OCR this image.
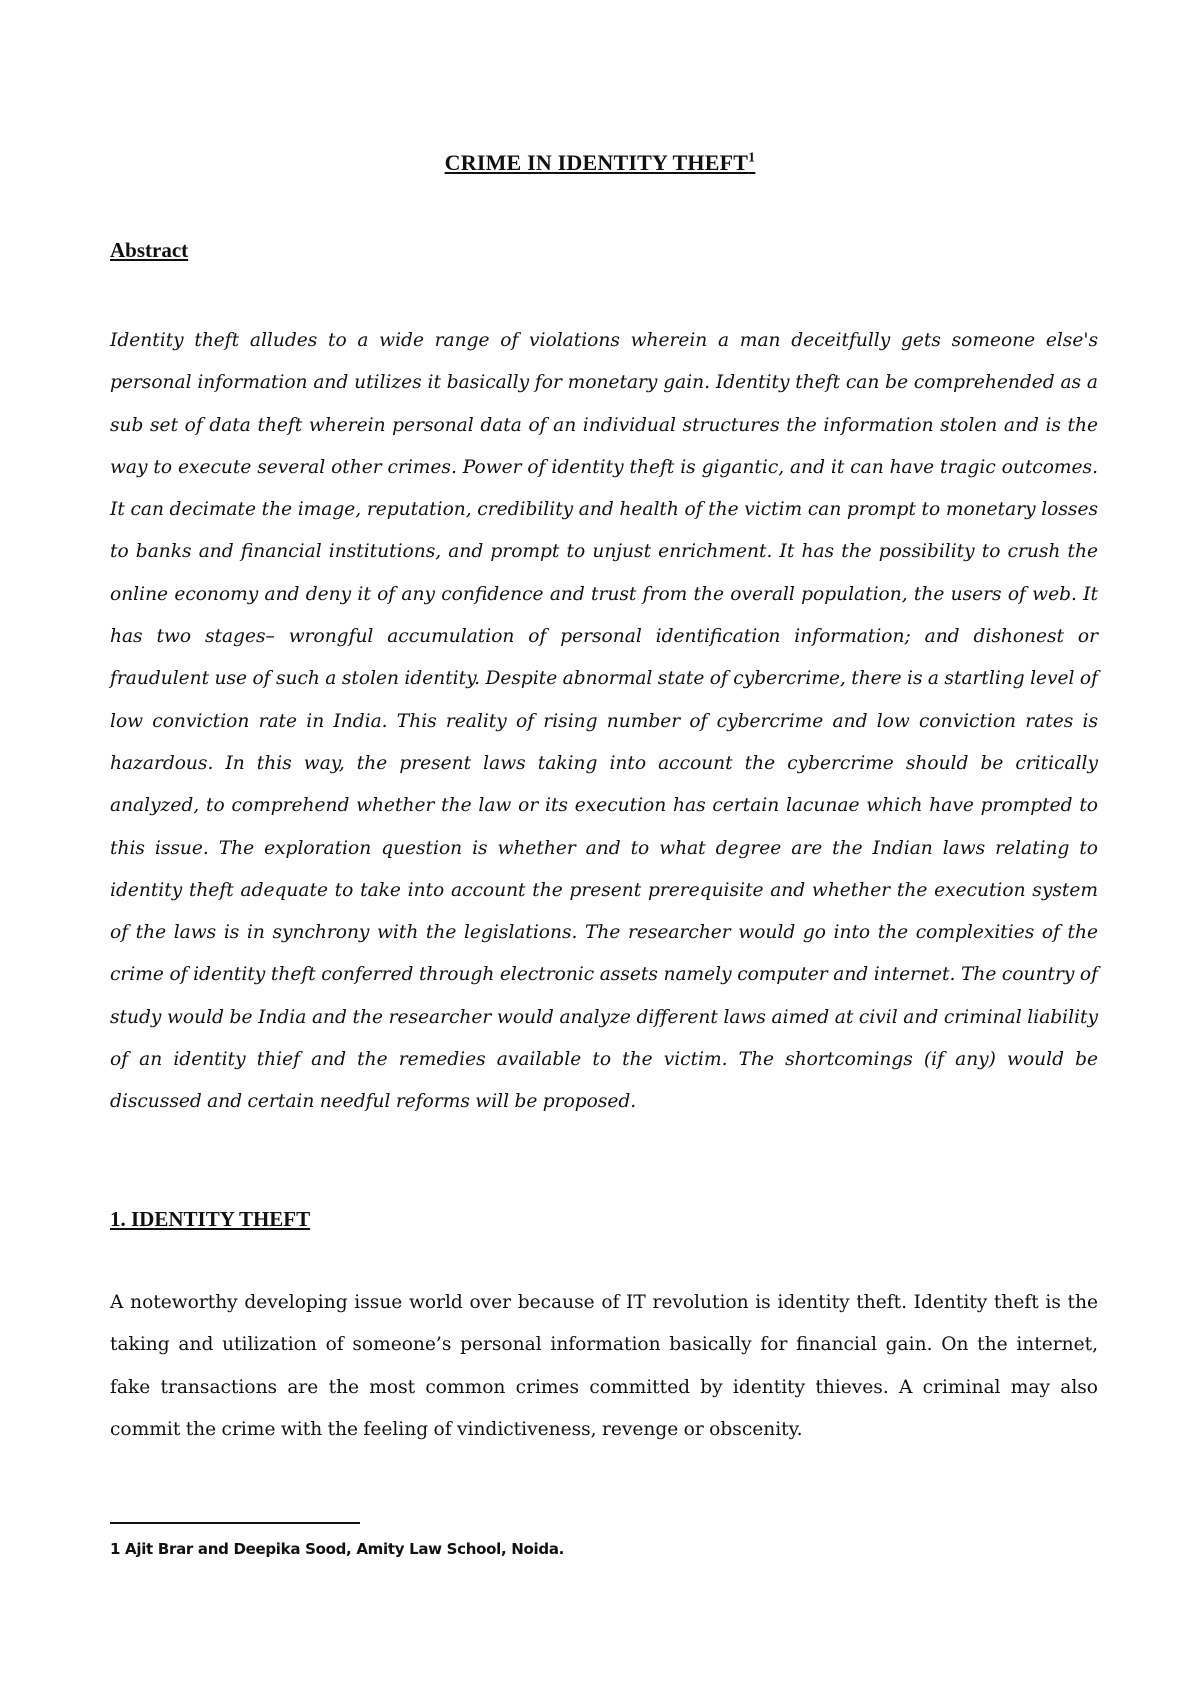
CRIME IN IDENTITY THEFT$^1$
Abstract

Identity theft alludes to a wide range of violations wherein a man deceitfully gets someone else's personal information and utilizes it basically for monetary gain. Identity theft can be comprehended as a sub set of data theft wherein personal data of an individual structures the information stolen and is the way to execute several other crimes. Power of identity theft is gigantic, and it can have tragic outcomes. It can decimate the image, reputation, credibility and health of the victim can prompt to monetary losses to banks and financial institutions, and prompt to unjust enrichment. It has the possibility to crush the online economy and deny it of any confidence and trust from the overall population, the users of web. It has two stages– wrongful accumulation of personal identification information; and dishonest or fraudulent use of such a stolen identity. Despite abnormal state of cybercrime, there is a startling level of low conviction rate in India. This reality of rising number of cybercrime and low conviction rates is hazardous. In this way, the present laws taking into account the cybercrime should be critically analyzed, to comprehend whether the law or its execution has certain lacunae which have prompted to this issue. The exploration question is whether and to what degree are the Indian laws relating to identity theft adequate to take into account the present prerequisite and whether the execution system of the laws is in synchrony with the legislations. The researcher would go into the complexities of the crime of identity theft conferred through electronic assets namely computer and internet. The country of study would be India and the researcher would analyze different laws aimed at civil and criminal liability of an identity thief and the remedies available to the victim. The shortcomings (if any) would be discussed and certain needful reforms will be proposed.

1. IDENTITY THEFT

A noteworthy developing issue world over because of IT revolution is identity theft. Identity theft is the taking and utilization of someone’s personal information basically for financial gain. On the internet, fake transactions are the most common crimes committed by identity thieves. A criminal may also commit the crime with the feeling of vindictiveness, revenge or obscenity.

1 Ajit Brar and Deepika Sood, Amity Law School, Noida.
